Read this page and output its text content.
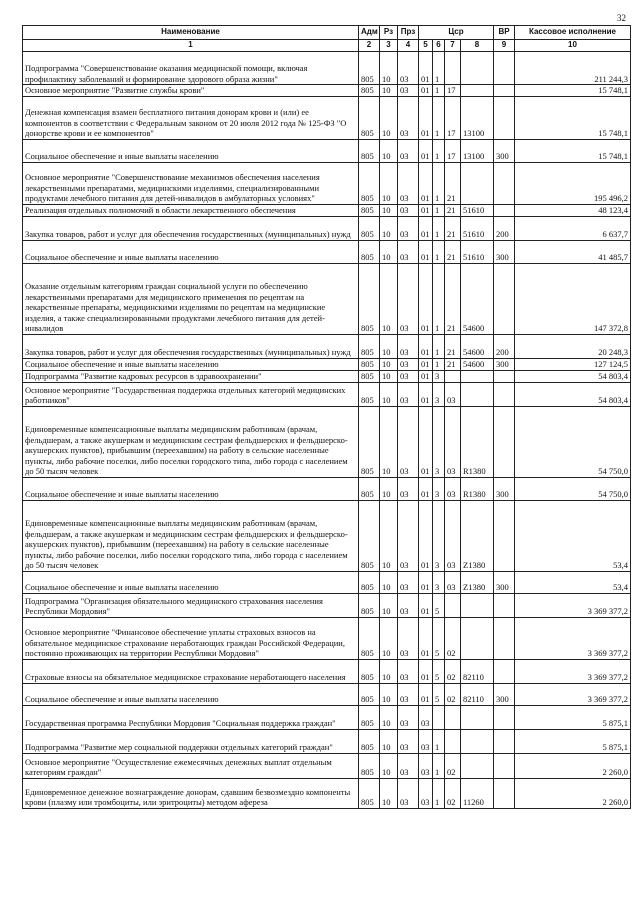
32
Наименование	Адм	Рз	Прз	Цср				ВР	Кассовое исполнение
1	2	3	4	5	6	7	8	9	10
Подпрограмма "Совершенствование оказания медицинской помощи, включая профилактику заболеваний и формирование здорового образа жизни"	805	10	03	01	1				211 244,3
Основное мероприятие "Развитие службы крови"	805	10	03	01	1	17			15 748,1
Денежная компенсация взамен бесплатного питания донорам крови и (или) ее компонентов в соответствии с Федеральным законом от 20 июля 2012 года № 125-ФЗ "О донорстве крови и ее компонентов"	805	10	03	01	1	17	13100		15 748,1
Социальное обеспечение и иные выплаты населению	805	10	03	01	1	17	13100	300	15 748,1
Основное мероприятие "Совершенствование механизмов обеспечения населения лекарственными препаратами, медицинскими изделиями, специализированными продуктами лечебного питания для детей-инвалидов в амбулаторных условиях"	805	10	03	01	1	21			195 496,2
Реализация отдельных полномочий в области лекарственного обеспечения	805	10	03	01	1	21	51610		48 123,4
Закупка товаров, работ и услуг для обеспечения государственных (муниципальных) нужд	805	10	03	01	1	21	51610	200	6 637,7
Социальное обеспечение и иные выплаты населению	805	10	03	01	1	21	51610	300	41 485,7
Оказание отдельным категориям граждан социальной услуги по обеспечению лекарственными препаратами для медицинского применения по рецептам на лекарственные препараты, медицинскими изделиями по рецептам на медицинские изделия, а также специализированными продуктами лечебного питания для детей-инвалидов	805	10	03	01	1	21	54600		147 372,8
Закупка товаров, работ и услуг для обеспечения государственных (муниципальных) нужд	805	10	03	01	1	21	54600	200	20 248,3
Социальное обеспечение и иные выплаты населению	805	10	03	01	1	21	54600	300	127 124,5
Подпрограмма "Развитие кадровых ресурсов в здравоохранении"	805	10	03	01	3				54 803,4
Основное мероприятие "Государственная поддержка отдельных категорий медицинских работников"	805	10	03	01	3	03			54 803,4
Единовременные компенсационные выплаты медицинским работникам (врачам, фельдшерам, а также акушеркам и медицинским сестрам фельдшерских и фельдшерско-акушерских пунктов), прибывшим (переехавшим) на работу в сельские населенные пункты, либо рабочие поселки, либо поселки городского типа, либо города с населением до 50 тысяч человек	805	10	03	01	3	03	R1380		54 750,0
Социальное обеспечение и иные выплаты населению	805	10	03	01	3	03	R1380	300	54 750,0
Единовременные компенсационные выплаты медицинским работникам (врачам, фельдшерам, а также акушеркам и медицинским сестрам фельдшерских и фельдшерско-акушерских пунктов), прибывшим (переехавшим) на работу в сельские населенные пункты, либо рабочие поселки, либо поселки городского типа, либо города с населением до 50 тысяч человек	805	10	03	01	3	03	Z1380		53,4
Социальное обеспечение и иные выплаты населению	805	10	03	01	3	03	Z1380	300	53,4
Подпрограмма "Организация обязательного медицинского страхования населения Республики Мордовия"	805	10	03	01	5				3 369 377,2
Основное мероприятие "Финансовое обеспечение уплаты страховых взносов на обязательное медицинское страхование неработающих граждан Российской Федерации, постоянно проживающих на территории Республики Мордовия"	805	10	03	01	5	02			3 369 377,2
Страховые взносы на обязательное медицинское страхование неработающего населения	805	10	03	01	5	02	82110		3 369 377,2
Социальное обеспечение и иные выплаты населению	805	10	03	01	5	02	82110	300	3 369 377,2
Государственная программа Республики Мордовия "Социальная поддержка граждан"	805	10	03	03					5 875,1
Подпрограмма "Развитие мер социальной поддержки отдельных категорий граждан"	805	10	03	03	1				5 875,1
Основное мероприятие "Осуществление ежемесячных денежных выплат отдельным категориям граждан"	805	10	03	03	1	02			2 260,0
Единовременное денежное вознаграждение донорам, сдавшим безвозмездно компоненты крови (плазму или тромбоциты, или эритроциты) методом афереза	805	10	03	03	1	02	11260		2 260,0
